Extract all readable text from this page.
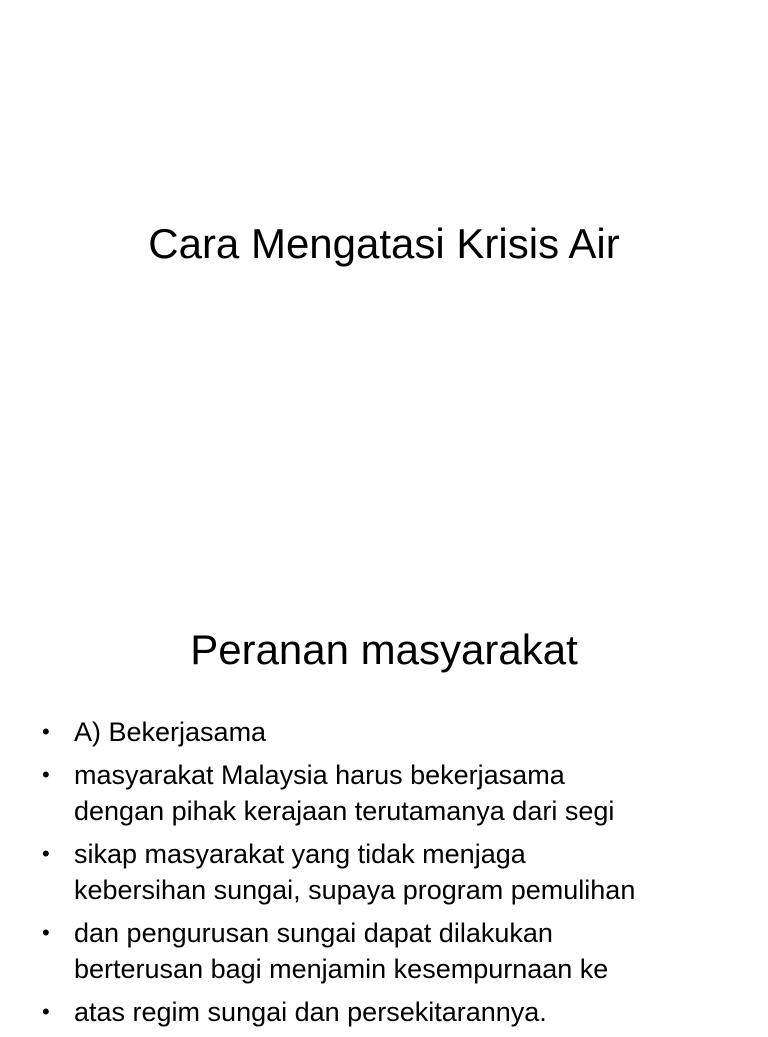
Cara Mengatasi Krisis Air
Peranan masyarakat
• A) Bekerjasama
• masyarakat Malaysia harus bekerjasama
dengan pihak kerajaan terutamanya dari segi
• sikap masyarakat yang tidak menjaga
kebersihan sungai, supaya program pemulihan
• dan pengurusan sungai dapat dilakukan
berterusan bagi menjamin kesempurnaan ke
• atas regim sungai dan persekitarannya.
